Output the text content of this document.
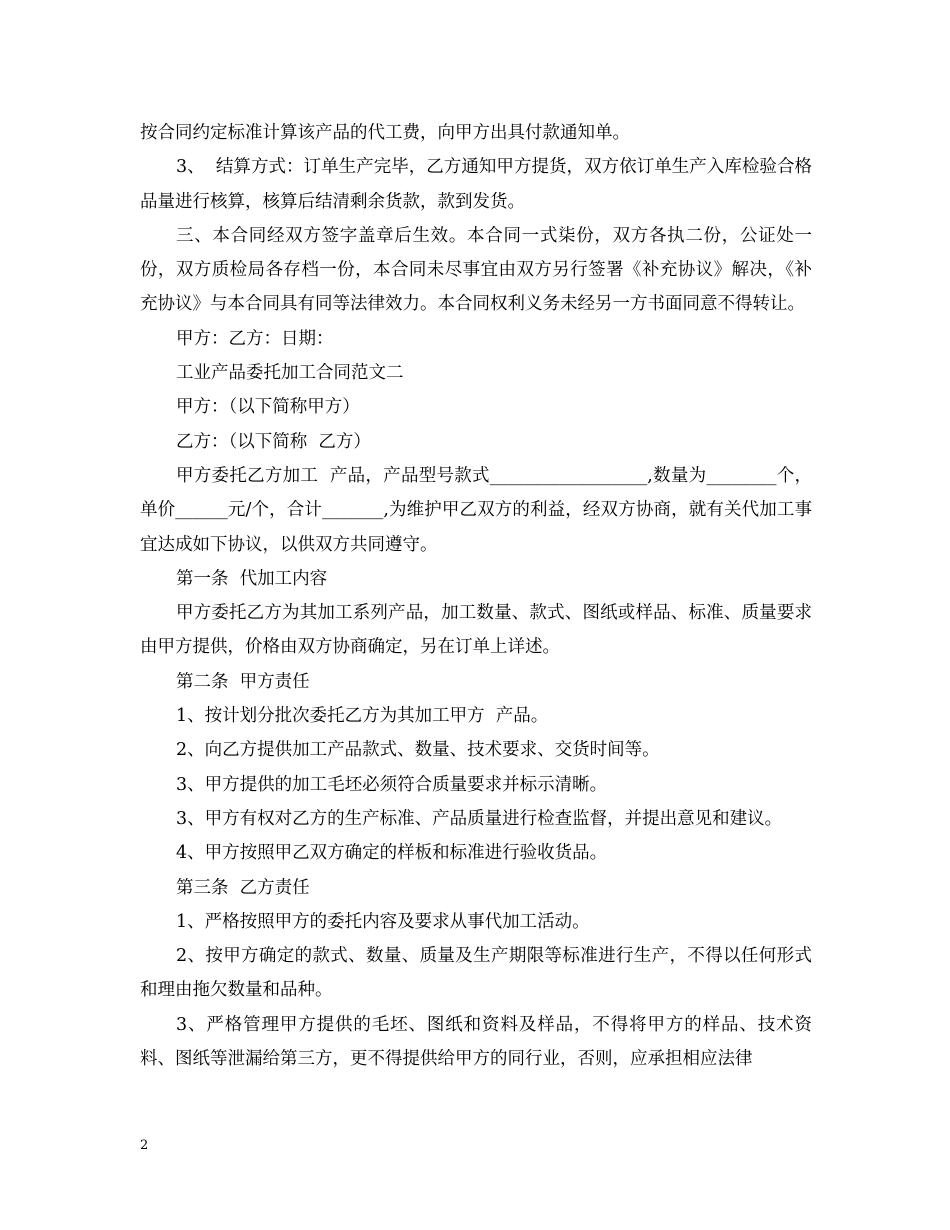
按合同约定标准计算该产品的代工费，向甲方出具付款通知单。

3、  结算方式：订单生产完毕，乙方通知甲方提货，双方依订单生产入库检验合格品量进行核算，核算后结清剩余货款，款到发货。

三、本合同经双方签字盖章后生效。本合同一式柒份，双方各执二份，公证处一份，双方质检局各存档一份，本合同未尽事宜由双方另行签署《补充协议》解决，《补充协议》与本合同具有同等法律效力。本合同权利义务未经另一方书面同意不得转让。

甲方：乙方：日期：

工业产品委托加工合同范文二

甲方：（以下简称甲方）

乙方：（以下简称  乙方）

甲方委托乙方加工  产品，产品型号款式__________________,数量为________个，单价______元/个，合计_______,为维护甲乙双方的利益，经双方协商，就有关代加工事宜达成如下协议，以供双方共同遵守。

第一条  代加工内容

甲方委托乙方为其加工系列产品，加工数量、款式、图纸或样品、标准、质量要求由甲方提供，价格由双方协商确定，另在订单上详述。

第二条  甲方责任

1、按计划分批次委托乙方为其加工甲方  产品。

2、向乙方提供加工产品款式、数量、技术要求、交货时间等。

3、甲方提供的加工毛坯必须符合质量要求并标示清晰。

3、甲方有权对乙方的生产标准、产品质量进行检查监督，并提出意见和建议。

4、甲方按照甲乙双方确定的样板和标准进行验收货品。

第三条  乙方责任

1、严格按照甲方的委托内容及要求从事代加工活动。

2、按甲方确定的款式、数量、质量及生产期限等标准进行生产，不得以任何形式和理由拖欠数量和品种。

3、严格管理甲方提供的毛坯、图纸和资料及样品，不得将甲方的样品、技术资料、图纸等泄漏给第三方，更不得提供给甲方的同行业，否则，应承担相应法律

2
